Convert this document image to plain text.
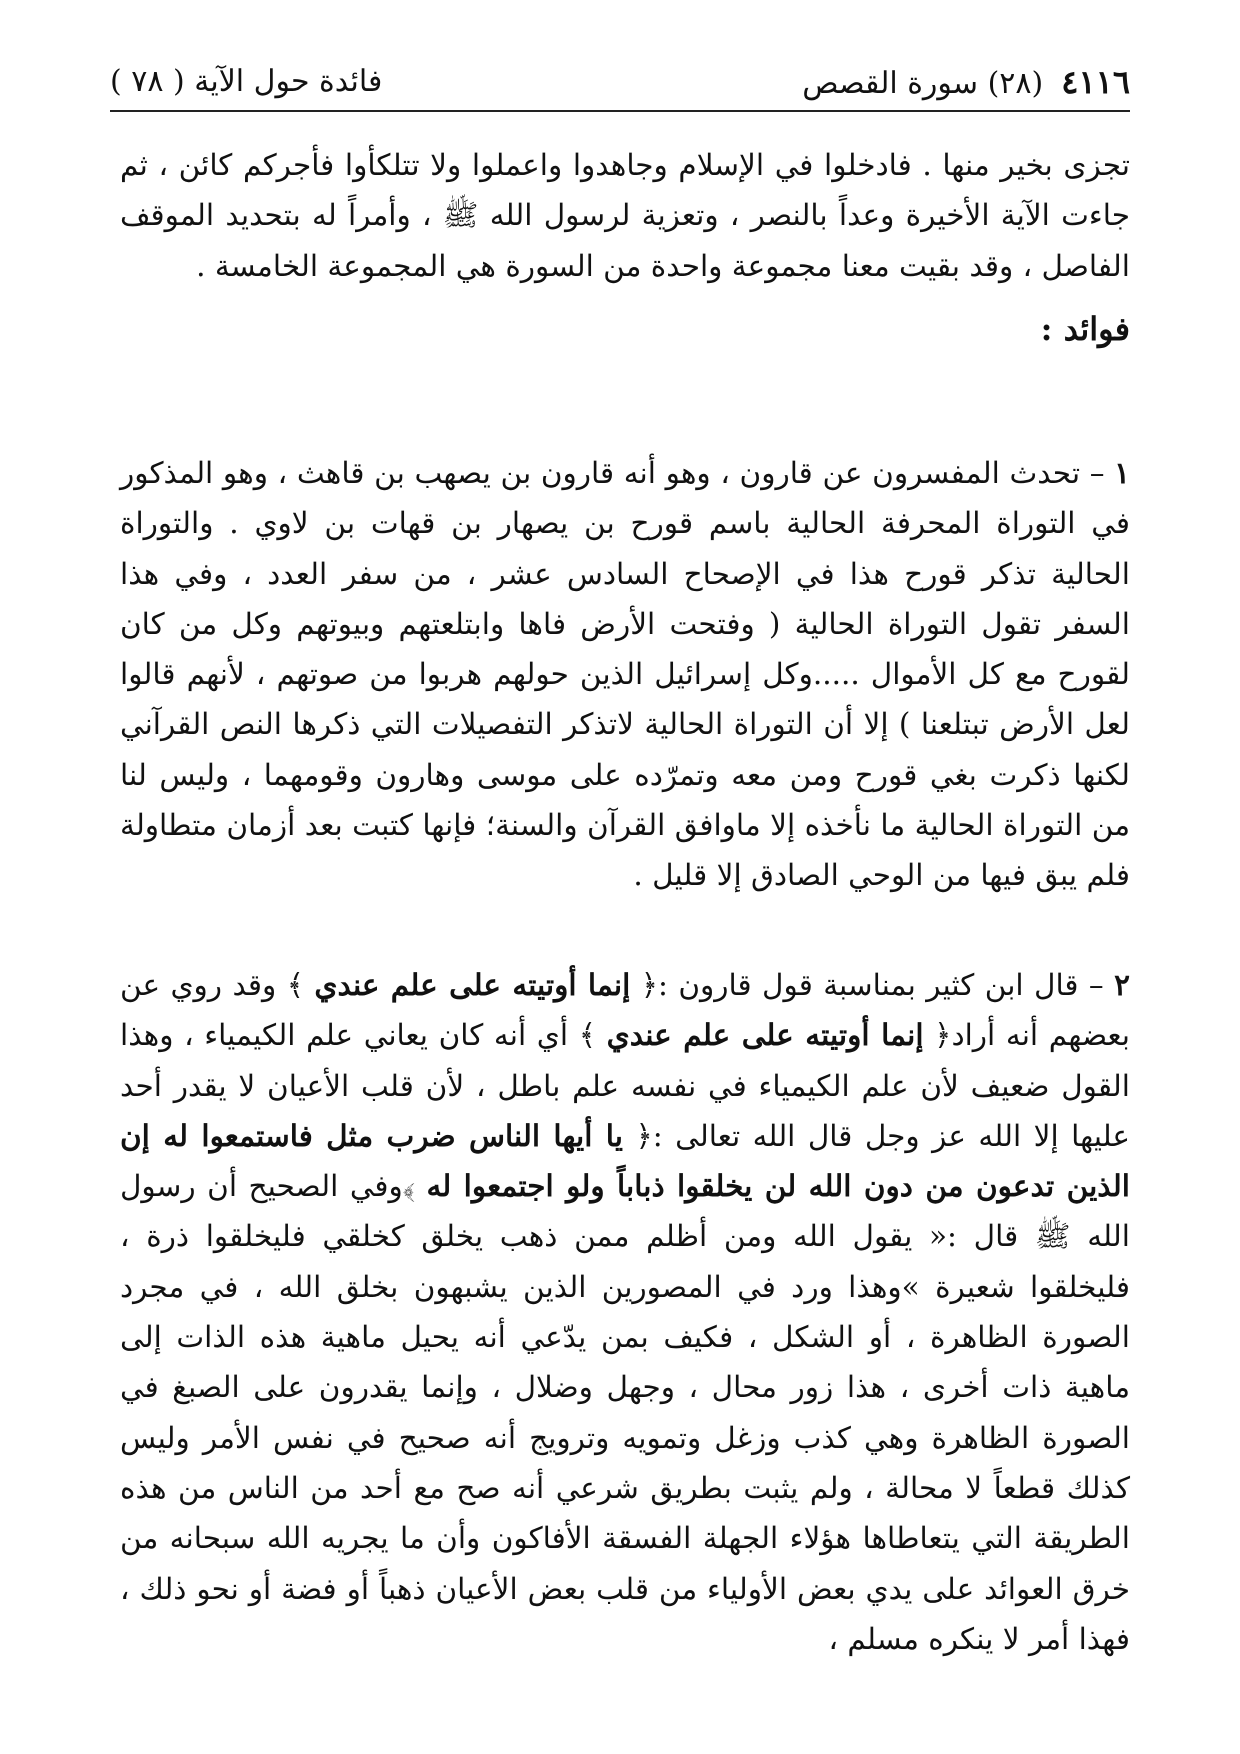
٤١١٦(٢٨) سورة القصص
فائدة حول الآية ( ٧٨ )
تجزى بخير منها . فادخلوا في الإسلام وجاهدوا واعملوا ولا تتلكأوا فأجركم كائن ، ثم جاءت الآية الأخيرة وعداً بالنصر ، وتعزية لرسول الله ﷺ ، وأمراً له بتحديد الموقف الفاصل ، وقد بقيت معنا مجموعة واحدة من السورة هي المجموعة الخامسة .
فوائد :
١ – تحدث المفسرون عن قارون ، وهو أنه قارون بن يصهب بن قاهث ، وهو المذكور في التوراة المحرفة الحالية باسم قورح بن يصهار بن قهات بن لاوي . والتوراة الحالية تذكر قورح هذا في الإصحاح السادس عشر ، من سفر العدد ، وفي هذا السفر تقول التوراة الحالية ( وفتحت الأرض فاها وابتلعتهم وبيوتهم وكل من كان لقورح مع كل الأموال .....وكل إسرائيل الذين حولهم هربوا من صوتهم ، لأنهم قالوا لعل الأرض تبتلعنا ) إلا أن التوراة الحالية لاتذكر التفصيلات التي ذكرها النص القرآني لكنها ذكرت بغي قورح ومن معه وتمرّده على موسى وهارون وقومهما ، وليس لنا من التوراة الحالية ما نأخذه إلا ماوافق القرآن والسنة؛ فإنها كتبت بعد أزمان متطاولة فلم يبق فيها من الوحي الصادق إلا قليل .
٢ – قال ابن كثير بمناسبة قول قارون :﴿ إنما أوتيته على علم عندي ﴾ وقد روي عن بعضهم أنه أراد﴿ إنما أوتيته على علم عندي ﴾ أي أنه كان يعاني علم الكيمياء ، وهذا القول ضعيف لأن علم الكيمياء في نفسه علم باطل ، لأن قلب الأعيان لا يقدر أحد عليها إلا الله عز وجل قال الله تعالى :﴿ يا أيها الناس ضرب مثل فاستمعوا له إن الذين تدعون من دون الله لن يخلقوا ذباباً ولو اجتمعوا له ﴾وفي الصحيح أن رسول الله ﷺ قال :« يقول الله ومن أظلم ممن ذهب يخلق كخلقي فليخلقوا ذرة ، فليخلقوا شعيرة »وهذا ورد في المصورين الذين يشبهون بخلق الله ، في مجرد الصورة الظاهرة ، أو الشكل ، فكيف بمن يدّعي أنه يحيل ماهية هذه الذات إلى ماهية ذات أخرى ، هذا زور محال ، وجهل وضلال ، وإنما يقدرون على الصبغ في الصورة الظاهرة وهي كذب وزغل وتمويه وترويج أنه صحيح في نفس الأمر وليس كذلك قطعاً لا محالة ، ولم يثبت بطريق شرعي أنه صح مع أحد من الناس من هذه الطريقة التي يتعاطاها هؤلاء الجهلة الفسقة الأفاكون وأن ما يجريه الله سبحانه من خرق العوائد على يدي بعض الأولياء من قلب بعض الأعيان ذهباً أو فضة أو نحو ذلك ، فهذا أمر لا ينكره مسلم ،
